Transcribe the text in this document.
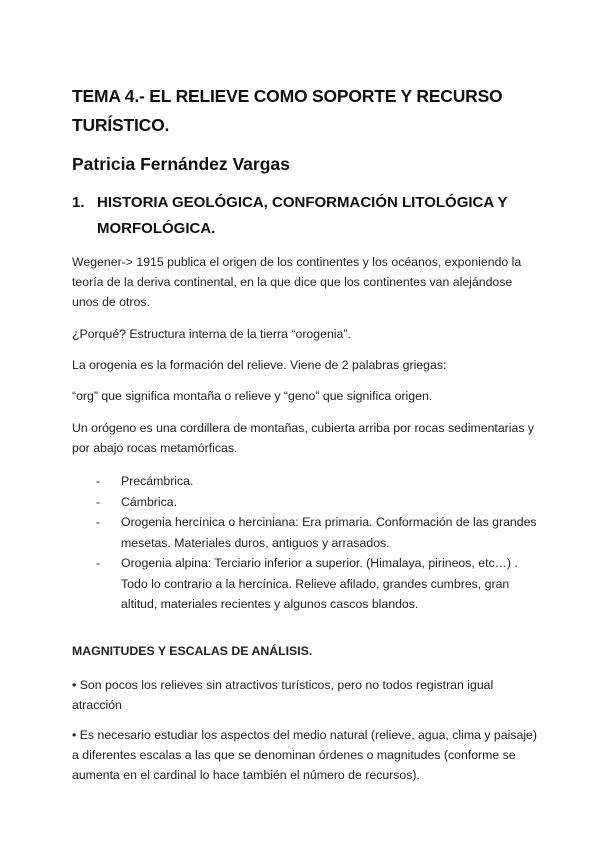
TEMA 4.- EL RELIEVE COMO SOPORTE Y RECURSO TURÍSTICO.
Patricia Fernández Vargas
1. HISTORIA GEOLÓGICA, CONFORMACIÓN LITOLÓGICA Y MORFOLÓGICA.

Wegener-> 1915 publica el origen de los continentes y los océanos, exponiendo la teoría de la deriva continental, en la que dice que los continentes van alejándose unos de otros.

¿Porqué? Estructura interna de la tierra “orogenia”.

La orogenia es la formación del relieve. Viene de 2 palabras griegas:

“org” que significa montaña o relieve y “geno” que significa origen.

Un orógeno es una cordillera de montañas, cubierta arriba por rocas sedimentarias y por abajo rocas metamórficas.

- Precámbrica.
- Cámbrica.
- Orogenia hercínica o herciniana: Era primaria. Conformación de las grandes mesetas. Materiales duros, antiguos y arrasados.
- Orogenia alpina: Terciario inferior a superior. (Himalaya, pirineos, etc…) . Todo lo contrario a la hercínica. Relieve afilado, grandes cumbres, gran altitud, materiales recientes y algunos cascos blandos.

MAGNITUDES Y ESCALAS DE ANÁLISIS.

• Son pocos los relieves sin atractivos turísticos, pero no todos registran igual atracción

• Es necesario estudiar los aspectos del medio natural (relieve, agua, clima y paisaje) a diferentes escalas a las que se denominan órdenes o magnitudes (conforme se aumenta en el cardinal lo hace también el número de recursos).
